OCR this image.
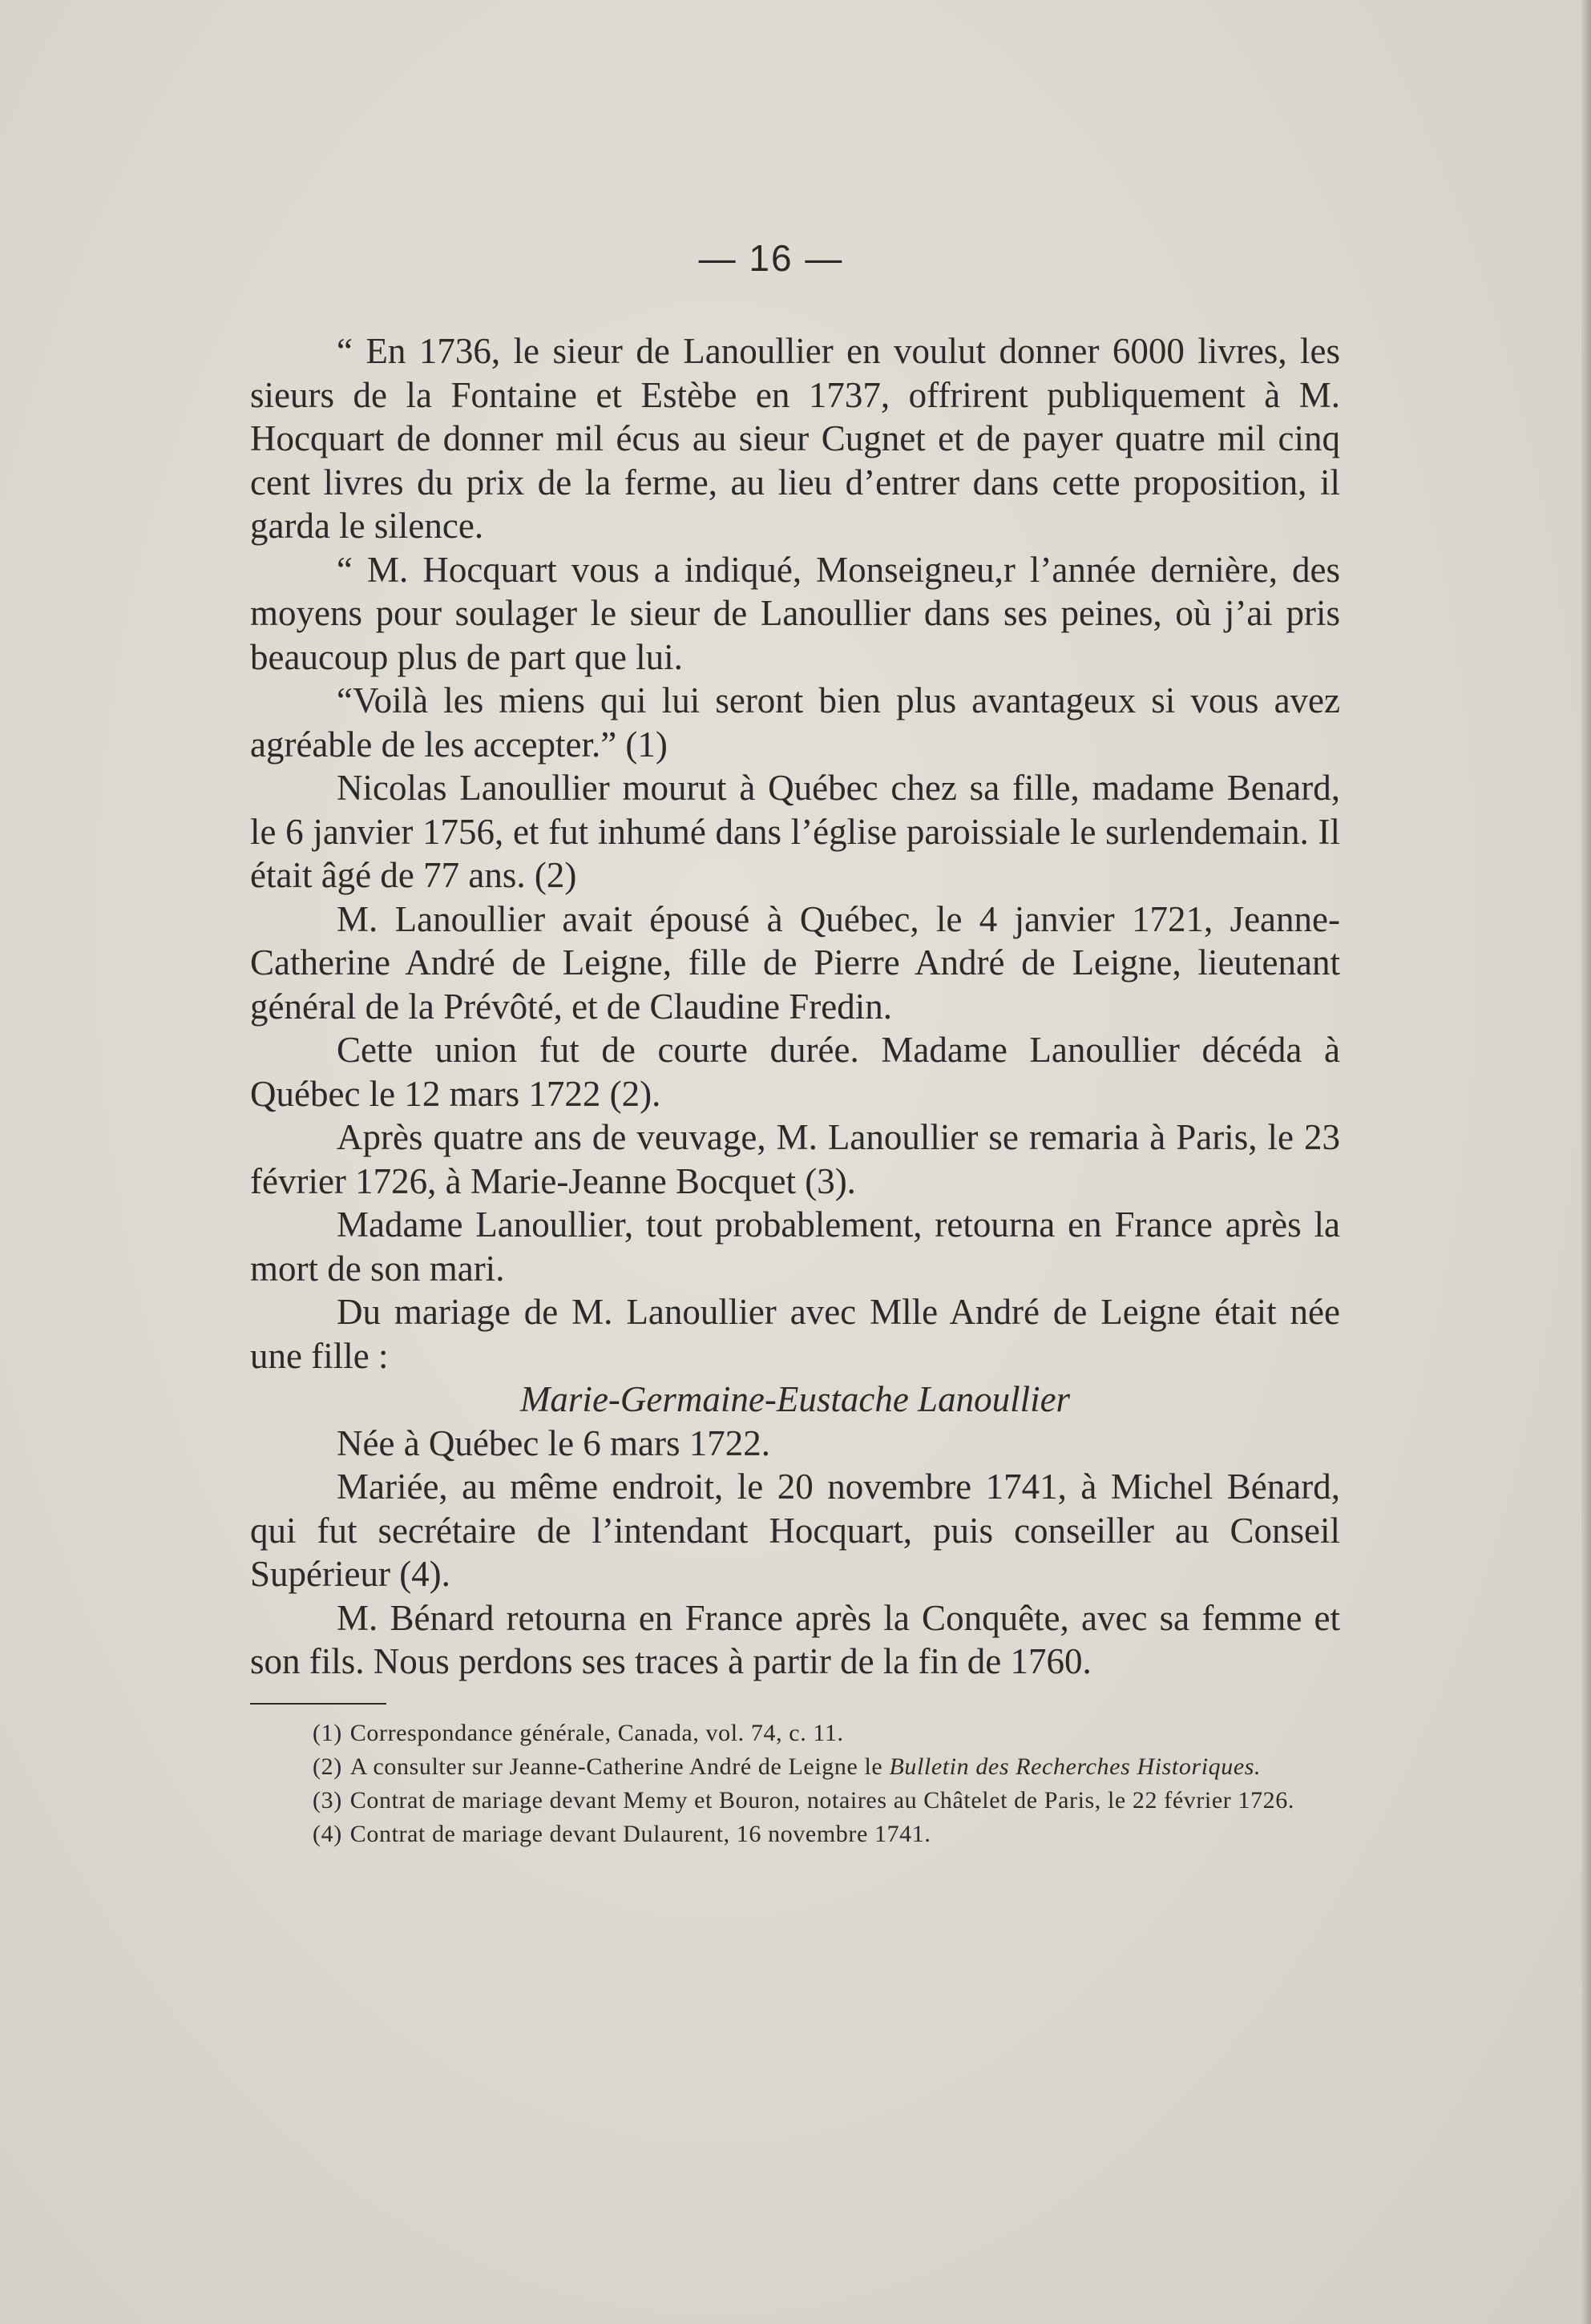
— 16 —

“ En 1736, le sieur de Lanoullier en voulut donner 6000 livres, les sieurs de la Fontaine et Estèbe en 1737, offrirent publiquement à M. Hocquart de donner mil écus au sieur Cugnet et de payer quatre mil cinq cent livres du prix de la ferme, au lieu d’entrer dans cette proposition, il garda le silence.

“ M. Hocquart vous a indiqué, Monseigneu,r l’année dernière, des moyens pour soulager le sieur de Lanoullier dans ses peines, où j’ai pris beaucoup plus de part que lui.

“Voilà les miens qui lui seront bien plus avantageux si vous avez agréable de les accepter.” (1)

Nicolas Lanoullier mourut à Québec chez sa fille, madame Benard, le 6 janvier 1756, et fut inhumé dans l’église paroissiale le surlendemain. Il était âgé de 77 ans. (2)

M. Lanoullier avait épousé à Québec, le 4 janvier 1721, Jeanne-Catherine André de Leigne, fille de Pierre André de Leigne, lieutenant général de la Prévôté, et de Claudine Fredin.

Cette union fut de courte durée. Madame Lanoullier décéda à Québec le 12 mars 1722 (2).

Après quatre ans de veuvage, M. Lanoullier se remaria à Paris, le 23 février 1726, à Marie-Jeanne Bocquet (3).

Madame Lanoullier, tout probablement, retourna en France après la mort de son mari.

Du mariage de M. Lanoullier avec Mlle André de Leigne était née une fille :

Marie-Germaine-Eustache Lanoullier

Née à Québec le 6 mars 1722.

Mariée, au même endroit, le 20 novembre 1741, à Michel Bénard, qui fut secrétaire de l’intendant Hocquart, puis conseiller au Conseil Supérieur (4).

M. Bénard retourna en France après la Conquête, avec sa femme et son fils. Nous perdons ses traces à partir de la fin de 1760.

(1) Correspondance générale, Canada, vol. 74, c. 11.

(2) A consulter sur Jeanne-Catherine André de Leigne le Bulletin des Recherches Historiques.

(3) Contrat de mariage devant Memy et Bouron, notaires au Châtelet de Paris, le 22 février 1726.

(4) Contrat de mariage devant Dulaurent, 16 novembre 1741.
